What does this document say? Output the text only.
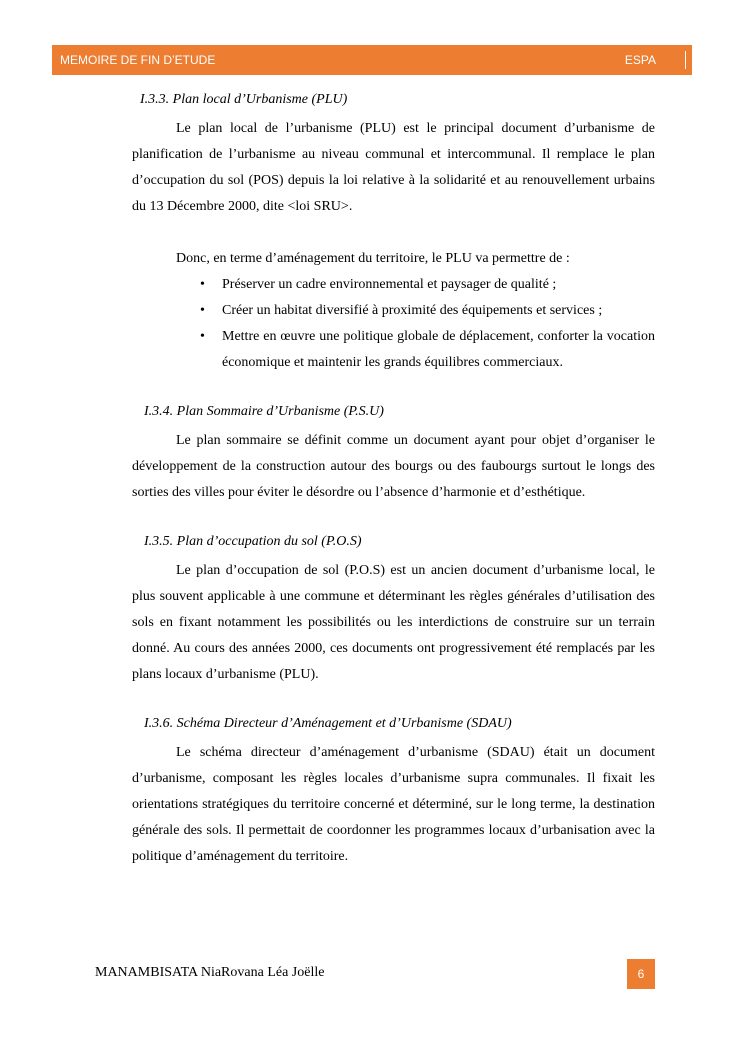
MEMOIRE DE FIN D’ETUDE	ESPA

I.3.3. Plan local d’Urbanisme (PLU)

Le plan local de l’urbanisme (PLU) est le principal document d’urbanisme de planification de l’urbanisme au niveau communal et intercommunal. Il remplace le plan d’occupation du sol (POS) depuis la loi relative à la solidarité et au renouvellement urbains du 13 Décembre 2000, dite <loi SRU>.

Donc, en terme d’aménagement du territoire, le PLU va permettre de :

• Préserver un cadre environnemental et paysager de qualité ;
• Créer un habitat diversifié à proximité des équipements et services ;
• Mettre en œuvre une politique globale de déplacement, conforter la vocation économique et maintenir les grands équilibres commerciaux.

I.3.4. Plan Sommaire d’Urbanisme (P.S.U)

Le plan sommaire se définit comme un document ayant pour objet d’organiser le développement de la construction autour des bourgs ou des faubourgs surtout le longs des sorties des villes pour éviter le désordre ou l’absence d’harmonie et d’esthétique.

I.3.5. Plan d’occupation du sol (P.O.S)

Le plan d’occupation de sol (P.O.S) est un ancien document d’urbanisme local, le plus souvent applicable à une commune et déterminant les règles générales d’utilisation des sols en fixant notamment les possibilités ou les interdictions de construire sur un terrain donné. Au cours des années 2000, ces documents ont progressivement été remplacés par les plans locaux d’urbanisme (PLU).

I.3.6. Schéma Directeur d’Aménagement et d’Urbanisme (SDAU)

Le schéma directeur d’aménagement d’urbanisme (SDAU) était un document d’urbanisme, composant les règles locales d’urbanisme supra communales. Il fixait les orientations stratégiques du territoire concerné et déterminé, sur le long terme, la destination générale des sols. Il permettait de coordonner les programmes locaux d’urbanisation avec la politique d’aménagement du territoire.

MANAMBISATA NiaRovana Léa Joëlle	6
